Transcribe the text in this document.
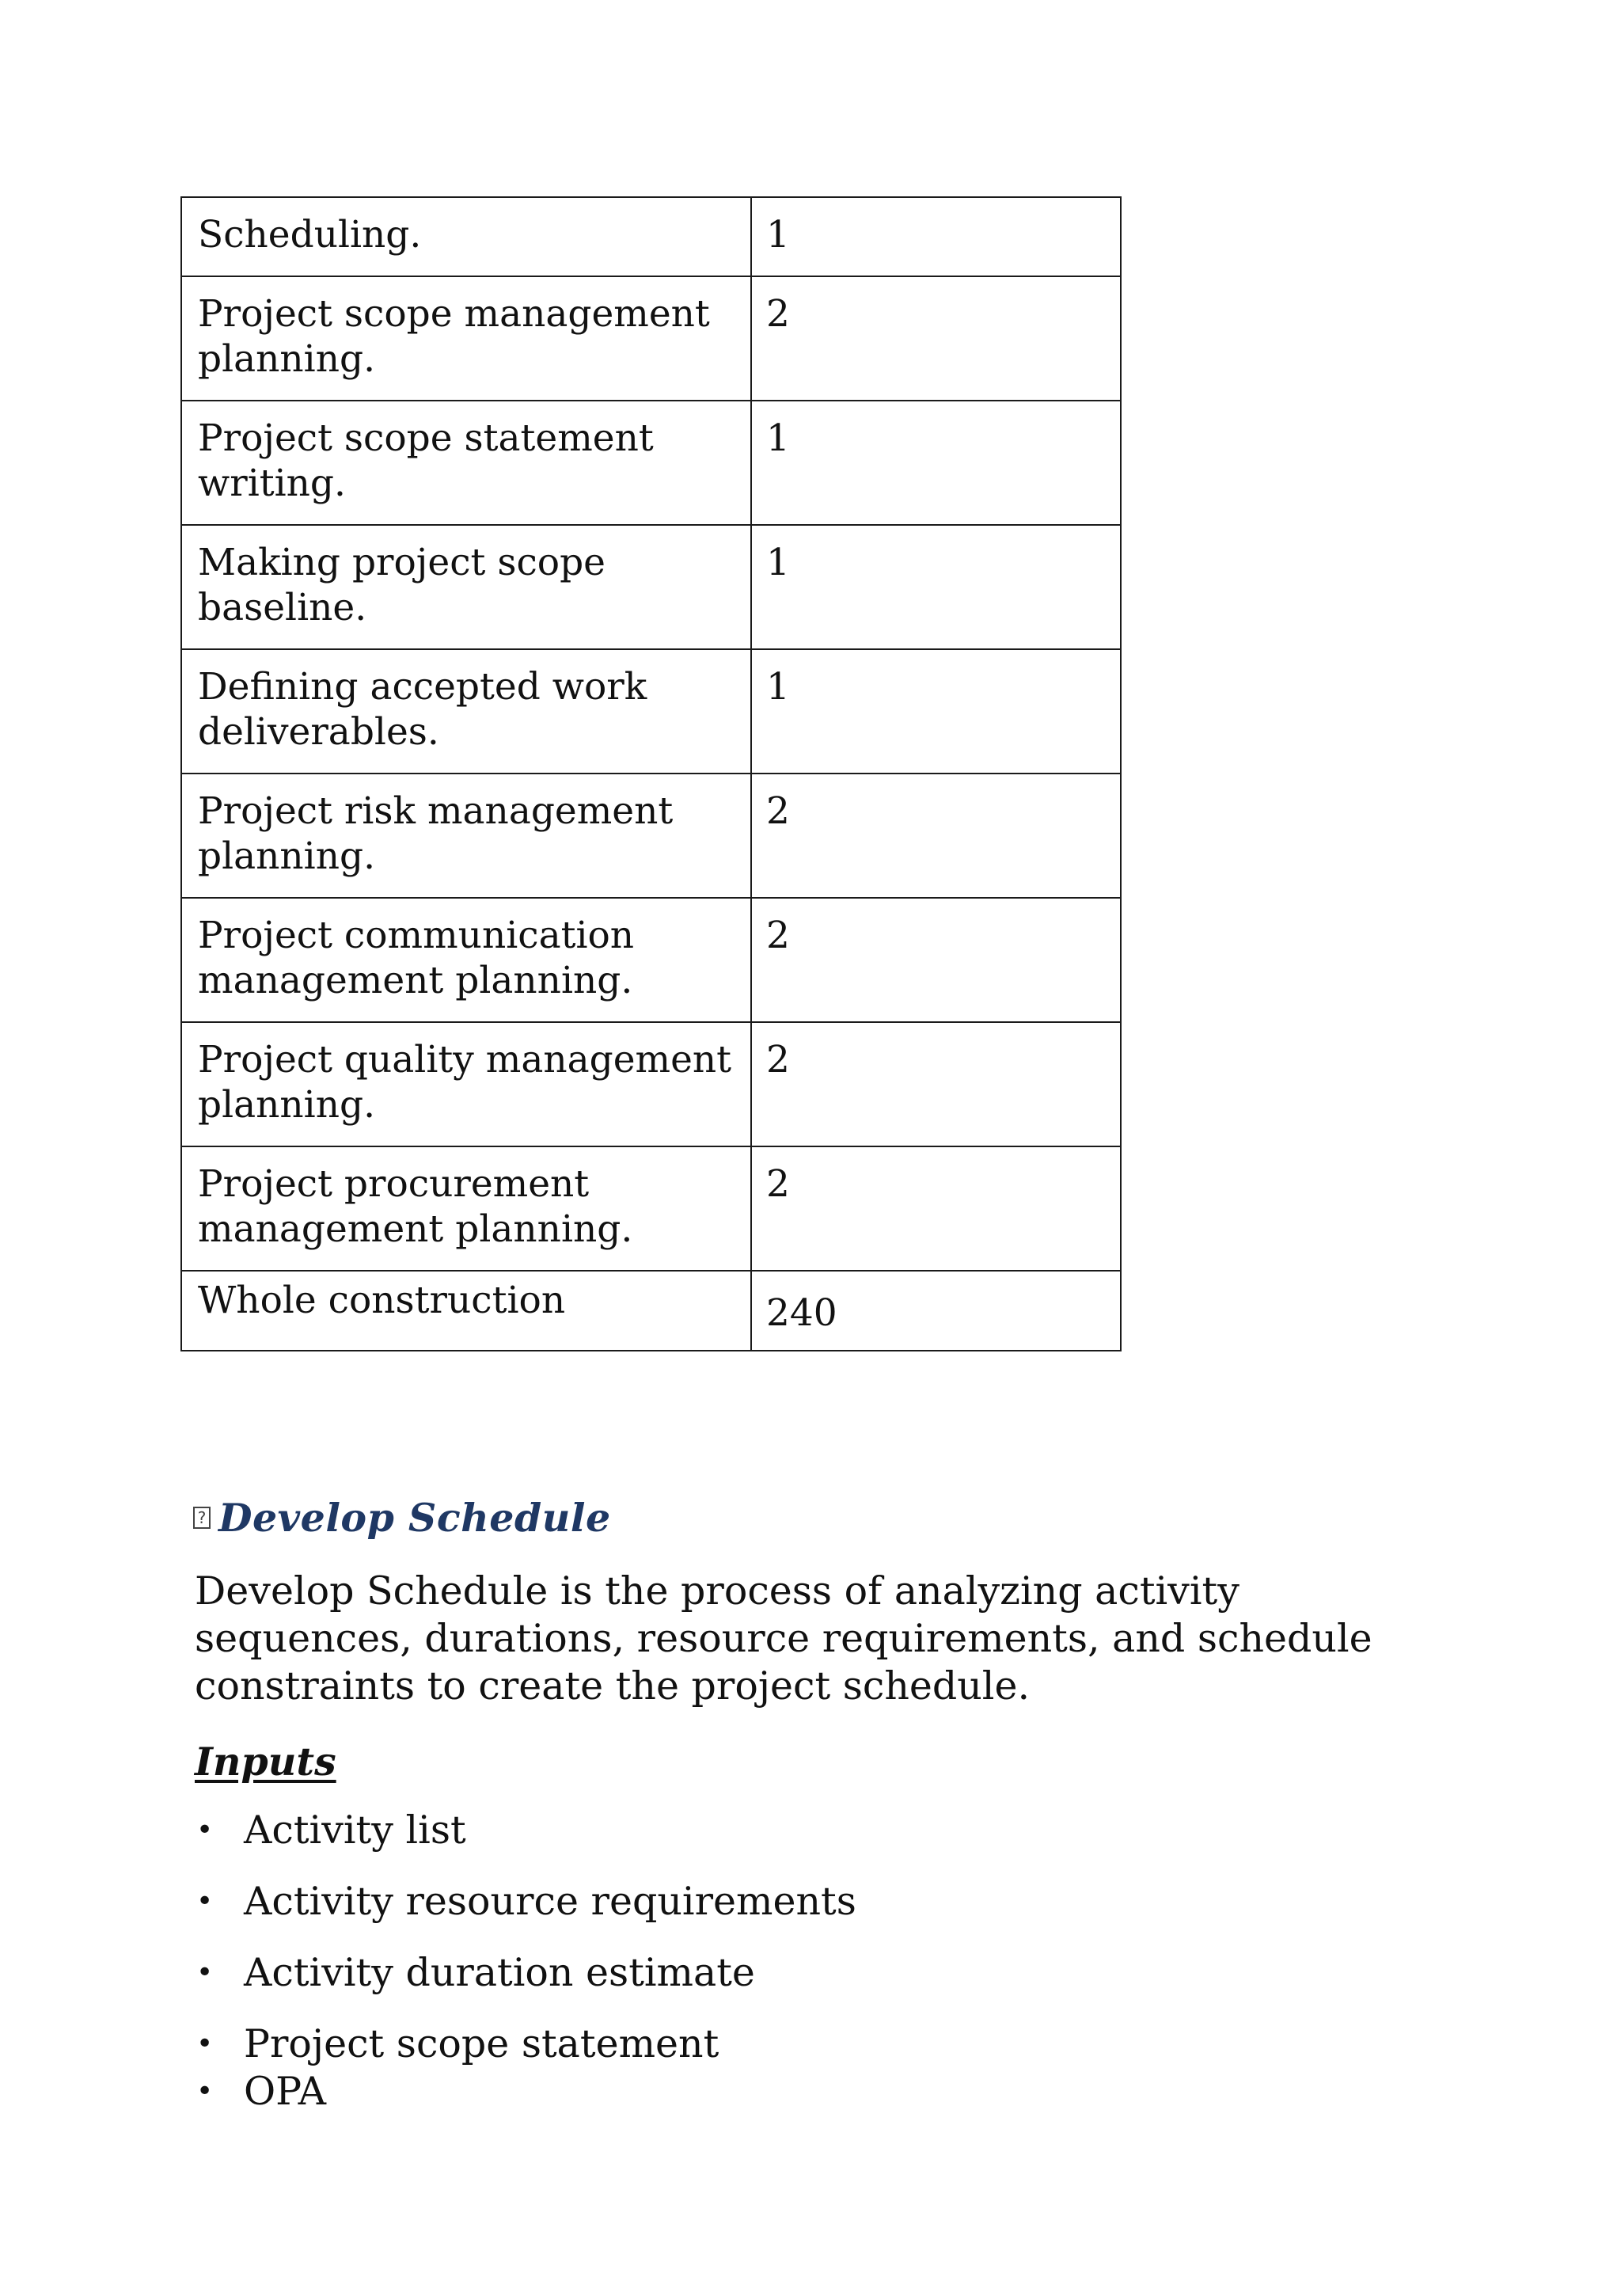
Scheduling.	1
Project scope management planning.	2
Project scope statement writing.	1
Making project scope baseline.	1
Defining accepted work deliverables.	1
Project risk management planning.	2
Project communication management planning.	2
Project quality management planning.	2
Project procurement management planning.	2
Whole construction	240
? Develop Schedule
Develop Schedule is the process of analyzing activity sequences, durations, resource requirements, and schedule constraints to create the project schedule.
Inputs
• Activity list
• Activity resource requirements
• Activity duration estimate
• Project scope statement
• OPA
